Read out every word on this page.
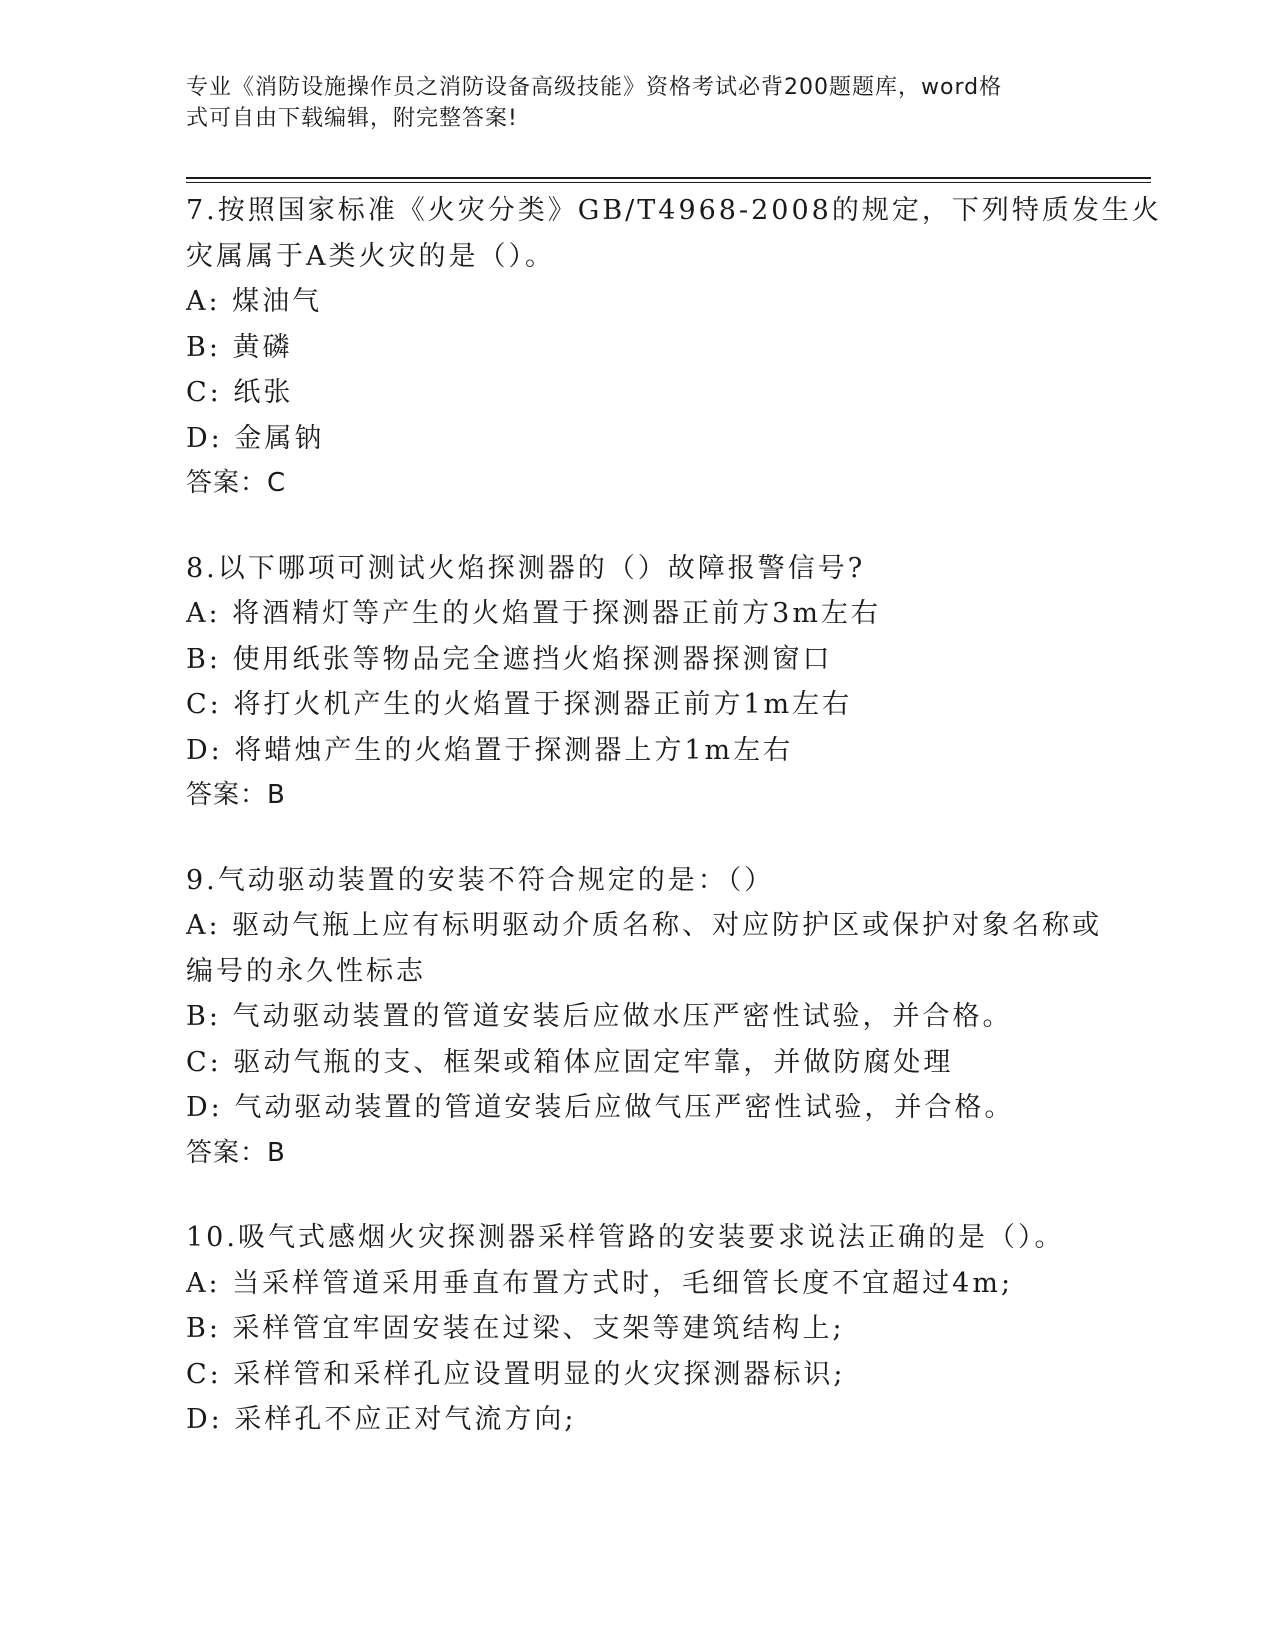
专业《消防设施操作员之消防设备高级技能》资格考试必背200题题库，word格
式可自由下载编辑，附完整答案!
7.按照国家标准《火灾分类》GB/T4968-2008的规定，下列特质发生火
灾属属于A类火灾的是（）。
A: 煤油气
B: 黄磷
C: 纸张
D: 金属钠
答案：C
8.以下哪项可测试火焰探测器的（）故障报警信号?
A: 将酒精灯等产生的火焰置于探测器正前方3m左右
B: 使用纸张等物品完全遮挡火焰探测器探测窗口
C: 将打火机产生的火焰置于探测器正前方1m左右
D: 将蜡烛产生的火焰置于探测器上方1m左右
答案：B
9.气动驱动装置的安装不符合规定的是：（）
A: 驱动气瓶上应有标明驱动介质名称、对应防护区或保护对象名称或
编号的永久性标志
B: 气动驱动装置的管道安装后应做水压严密性试验，并合格。
C: 驱动气瓶的支、框架或箱体应固定牢靠，并做防腐处理
D: 气动驱动装置的管道安装后应做气压严密性试验，并合格。
答案：B
10.吸气式感烟火灾探测器采样管路的安装要求说法正确的是（）。
A: 当采样管道采用垂直布置方式时，毛细管长度不宜超过4m;
B: 采样管宜牢固安装在过梁、支架等建筑结构上;
C: 采样管和采样孔应设置明显的火灾探测器标识;
D: 采样孔不应正对气流方向;
